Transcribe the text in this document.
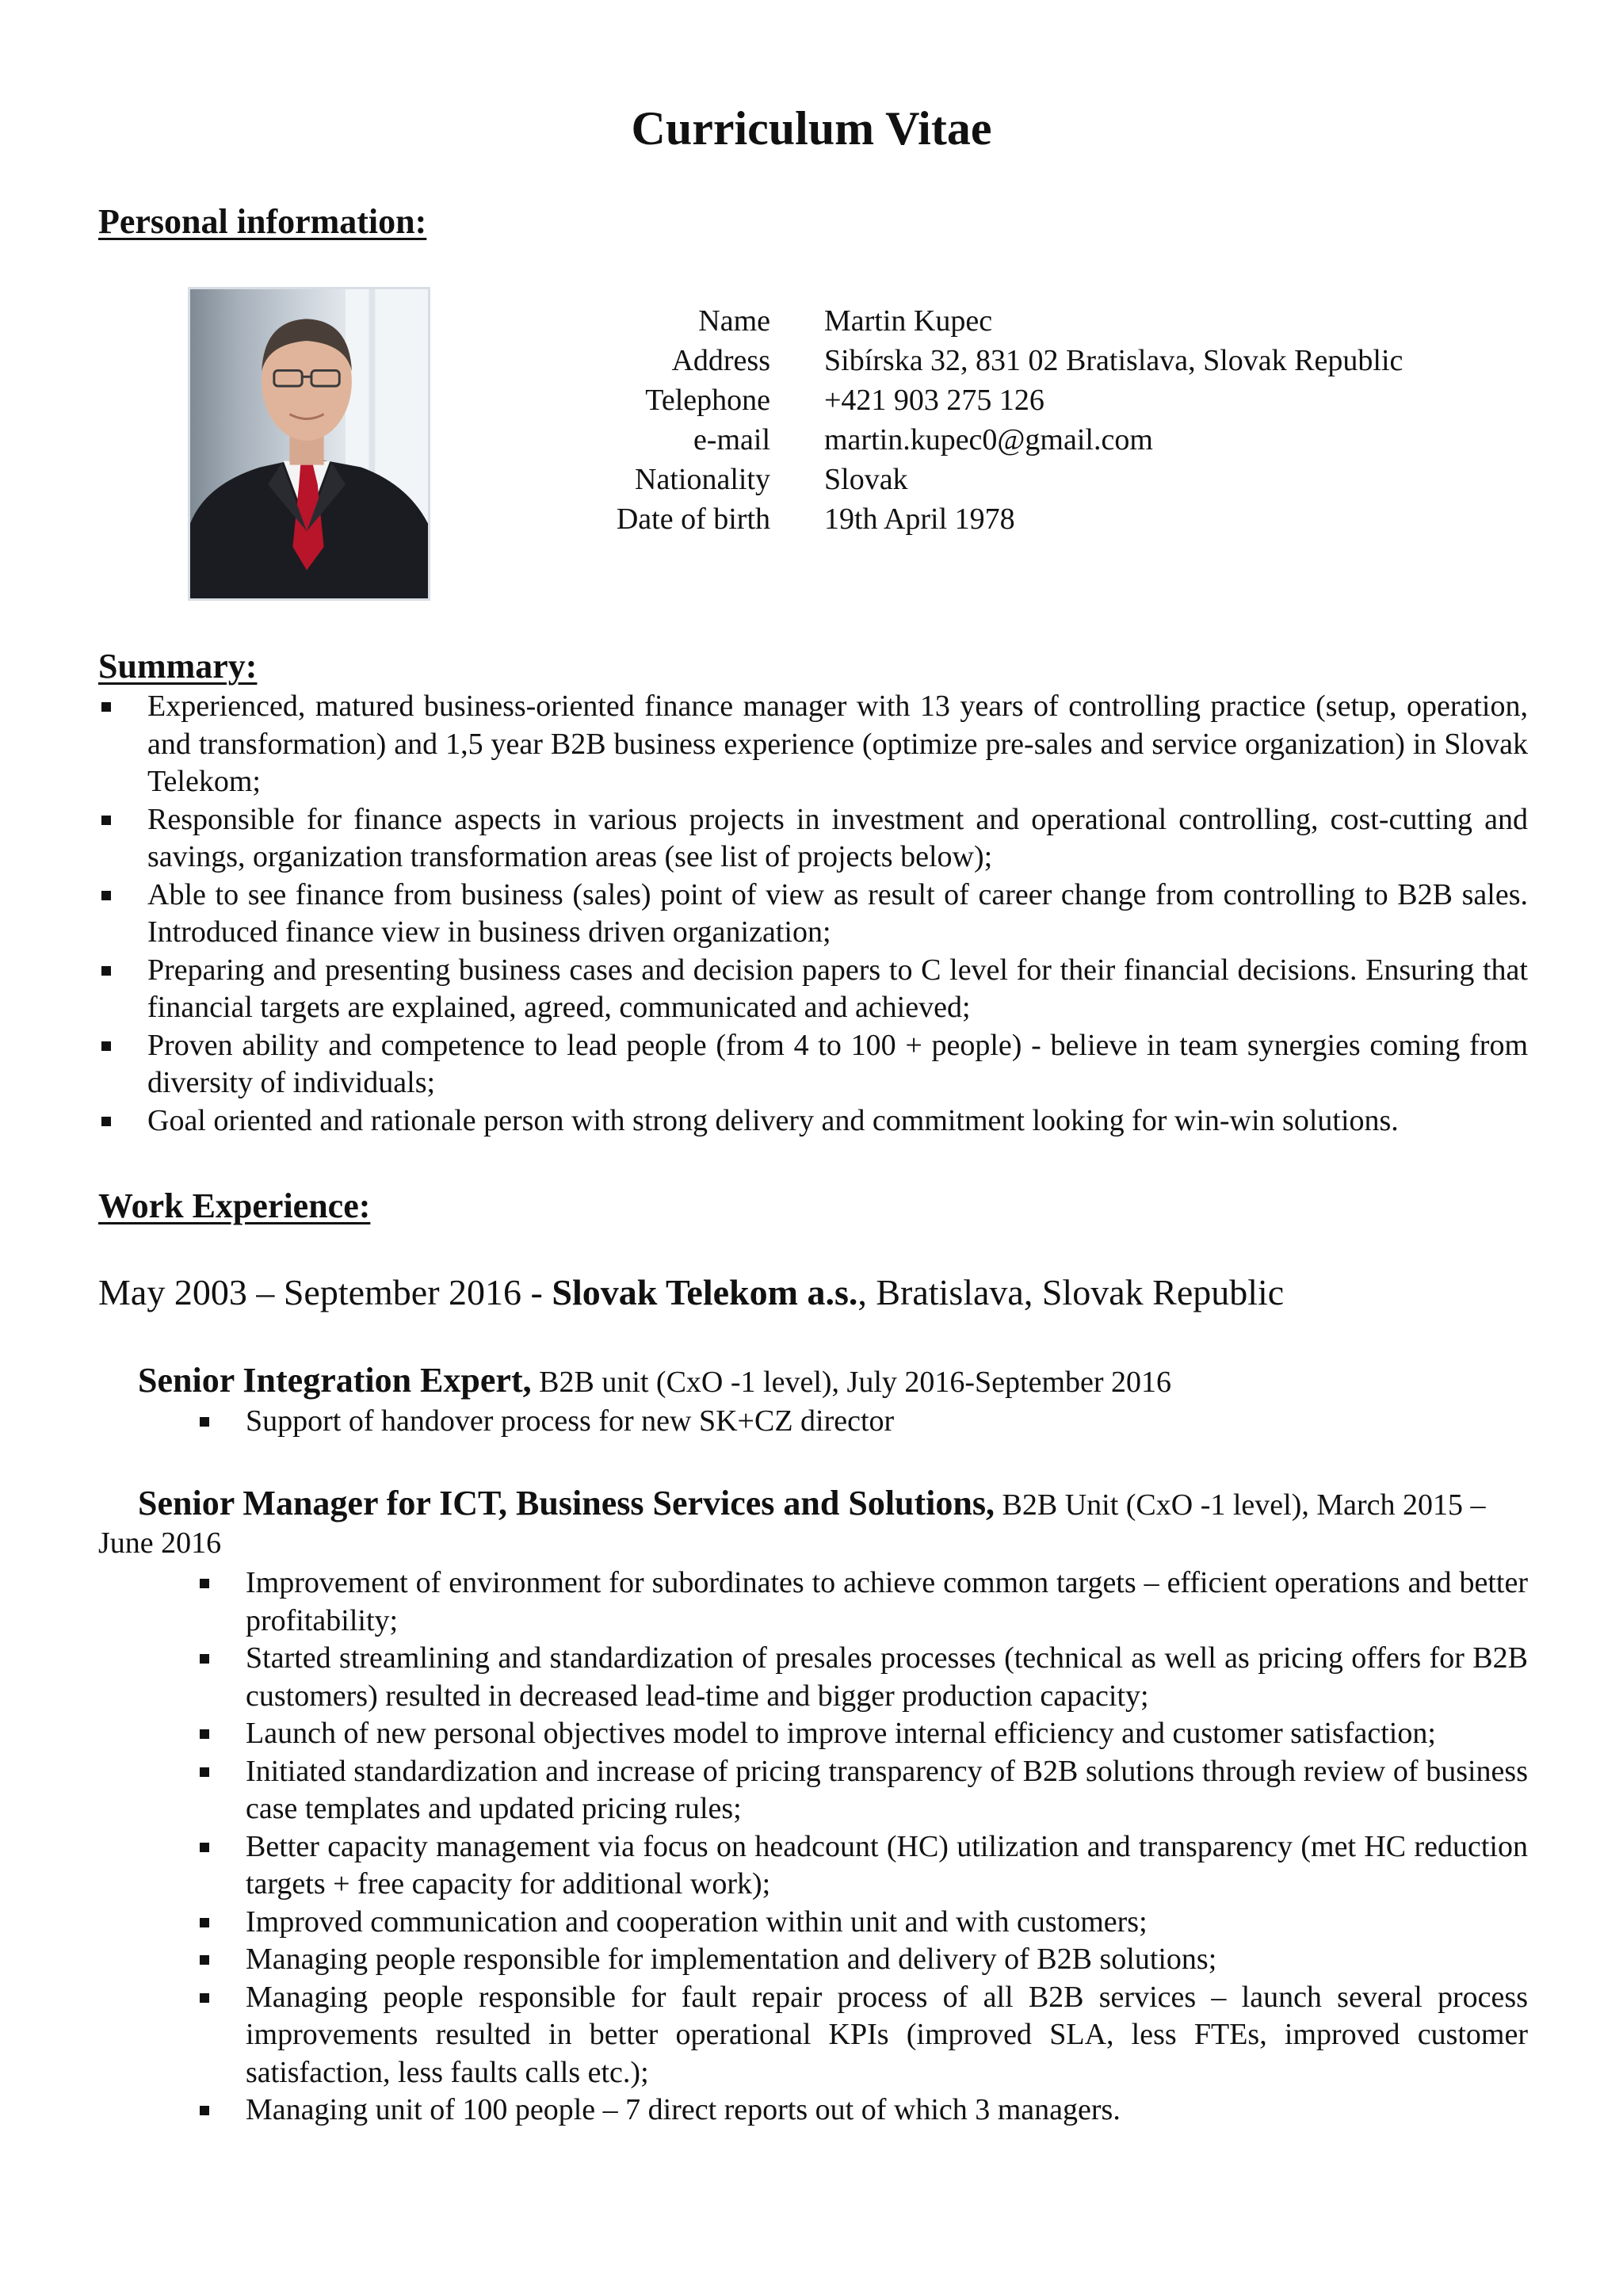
Curriculum Vitae
Personal information:
Name Martin Kupec
Address Sibírska 32, 831 02 Bratislava, Slovak Republic
Telephone +421 903 275 126
e-mail martin.kupec0@gmail.com
Nationality Slovak
Date of birth 19th April 1978
Summary:
Experienced, matured business-oriented finance manager with 13 years of controlling practice (setup, operation, and transformation) and 1,5 year B2B business experience (optimize pre-sales and service organization) in Slovak Telekom;
Responsible for finance aspects in various projects in investment and operational controlling, cost-cutting and savings, organization transformation areas (see list of projects below);
Able to see finance from business (sales) point of view as result of career change from controlling to B2B sales. Introduced finance view in business driven organization;
Preparing and presenting business cases and decision papers to C level for their financial decisions. Ensuring that financial targets are explained, agreed, communicated and achieved;
Proven ability and competence to lead people (from 4 to 100 + people) - believe in team synergies coming from diversity of individuals;
Goal oriented and rationale person with strong delivery and commitment looking for win-win solutions.
Work Experience:
May 2003 – September 2016 - Slovak Telekom a.s., Bratislava, Slovak Republic
Senior Integration Expert, B2B unit (CxO -1 level), July 2016-September 2016
Support of handover process for new SK+CZ director
Senior Manager for ICT, Business Services and Solutions, B2B Unit (CxO -1 level), March 2015 – June 2016
Improvement of environment for subordinates to achieve common targets – efficient operations and better profitability;
Started streamlining and standardization of presales processes (technical as well as pricing offers for B2B customers) resulted in decreased lead-time and bigger production capacity;
Launch of new personal objectives model to improve internal efficiency and customer satisfaction;
Initiated standardization and increase of pricing transparency of B2B solutions through review of business case templates and updated pricing rules;
Better capacity management via focus on headcount (HC) utilization and transparency (met HC reduction targets + free capacity for additional work);
Improved communication and cooperation within unit and with customers;
Managing people responsible for implementation and delivery of B2B solutions;
Managing people responsible for fault repair process of all B2B services – launch several process improvements resulted in better operational KPIs (improved SLA, less FTEs, improved customer satisfaction, less faults calls etc.);
Managing unit of 100 people – 7 direct reports out of which 3 managers.
